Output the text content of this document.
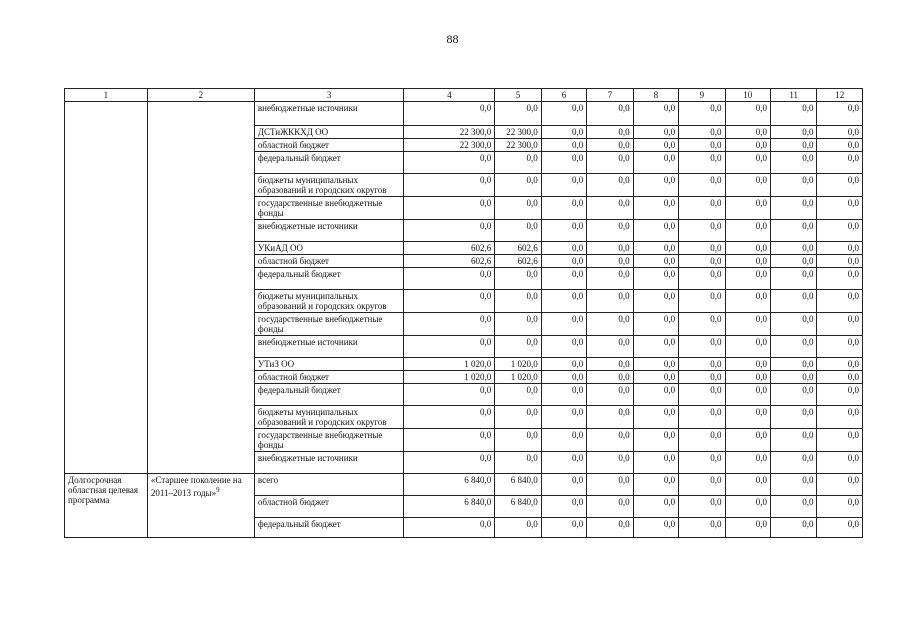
88
1	2	3	4	5	6	7	8	9	10	11	12
		внебюджетные источники	0,0	0,0	0,0	0,0	0,0	0,0	0,0	0,0	0,0
		ДСТиЖККХД ОО	22 300,0	22 300,0	0,0	0,0	0,0	0,0	0,0	0,0	0,0
		областной бюджет	22 300,0	22 300,0	0,0	0,0	0,0	0,0	0,0	0,0	0,0
		федеральный бюджет	0,0	0,0	0,0	0,0	0,0	0,0	0,0	0,0	0,0
		бюджеты муниципальных образований и городских округов	0,0	0,0	0,0	0,0	0,0	0,0	0,0	0,0	0,0
		государственные внебюджетные фонды	0,0	0,0	0,0	0,0	0,0	0,0	0,0	0,0	0,0
		внебюджетные источники	0,0	0,0	0,0	0,0	0,0	0,0	0,0	0,0	0,0
		УКиАД ОО	602,6	602,6	0,0	0,0	0,0	0,0	0,0	0,0	0,0
		областной бюджет	602,6	602,6	0,0	0,0	0,0	0,0	0,0	0,0	0,0
		федеральный бюджет	0,0	0,0	0,0	0,0	0,0	0,0	0,0	0,0	0,0
		бюджеты муниципальных образований и городских округов	0,0	0,0	0,0	0,0	0,0	0,0	0,0	0,0	0,0
		государственные внебюджетные фонды	0,0	0,0	0,0	0,0	0,0	0,0	0,0	0,0	0,0
		внебюджетные источники	0,0	0,0	0,0	0,0	0,0	0,0	0,0	0,0	0,0
		УТиЗ ОО	1 020,0	1 020,0	0,0	0,0	0,0	0,0	0,0	0,0	0,0
		областной бюджет	1 020,0	1 020,0	0,0	0,0	0,0	0,0	0,0	0,0	0,0
		федеральный бюджет	0,0	0,0	0,0	0,0	0,0	0,0	0,0	0,0	0,0
		бюджеты муниципальных образований и городских округов	0,0	0,0	0,0	0,0	0,0	0,0	0,0	0,0	0,0
		государственные внебюджетные фонды	0,0	0,0	0,0	0,0	0,0	0,0	0,0	0,0	0,0
		внебюджетные источники	0,0	0,0	0,0	0,0	0,0	0,0	0,0	0,0	0,0
Долгосрочная областная целевая программа	«Старшее поколение на 2011–2013 годы»$^9$	всего	6 840,0	6 840,0	0,0	0,0	0,0	0,0	0,0	0,0	0,0
		областной бюджет	6 840,0	6 840,0	0,0	0,0	0,0	0,0	0,0	0,0	0,0
		федеральный бюджет	0,0	0,0	0,0	0,0	0,0	0,0	0,0	0,0	0,0
